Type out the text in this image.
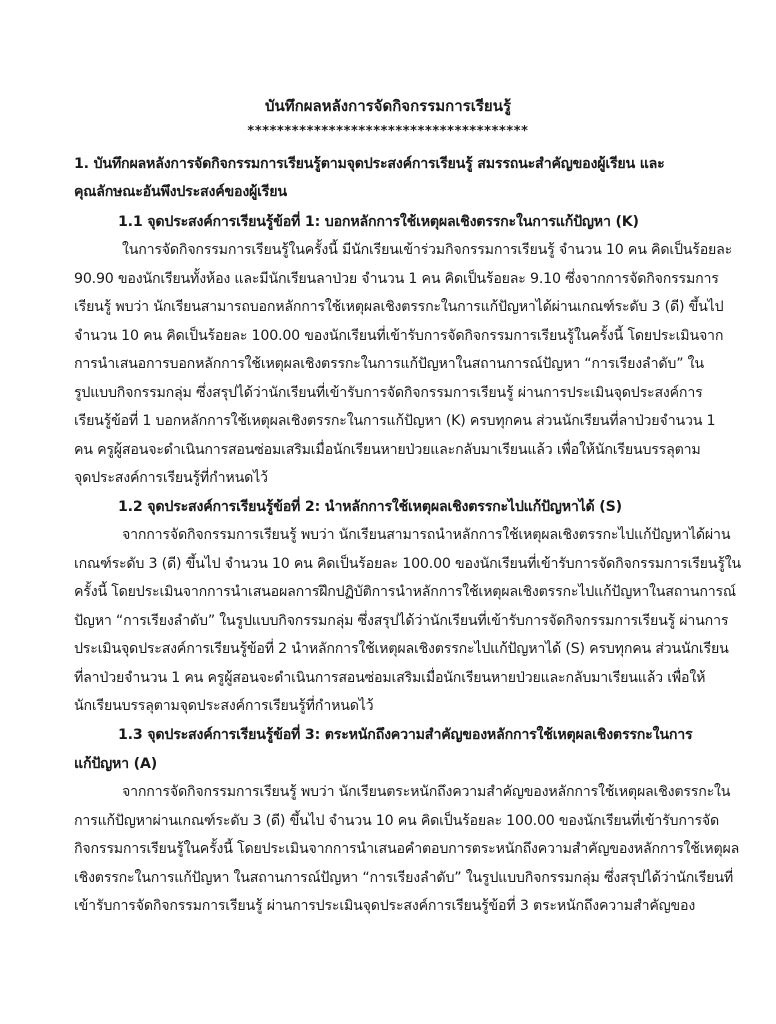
บันทึกผลหลังการจัดกิจกรรมการเรียนรู้
**************************************
1. บันทึกผลหลังการจัดกิจกรรมการเรียนรู้ตามจุดประสงค์การเรียนรู้ สมรรถนะสำคัญของผู้เรียน และ
คุณลักษณะอันพึงประสงค์ของผู้เรียน
1.1 จุดประสงค์การเรียนรู้ข้อที่ 1: บอกหลักการใช้เหตุผลเชิงตรรกะในการแก้ปัญหา (K)
ในการจัดกิจกรรมการเรียนรู้ในครั้งนี้ มีนักเรียนเข้าร่วมกิจกรรมการเรียนรู้ จำนวน 10 คน คิดเป็นร้อยละ
90.90 ของนักเรียนทั้งห้อง และมีนักเรียนลาป่วย จำนวน 1 คน คิดเป็นร้อยละ 9.10 ซึ่งจากการจัดกิจกรรมการ
เรียนรู้ พบว่า นักเรียนสามารถบอกหลักการใช้เหตุผลเชิงตรรกะในการแก้ปัญหาได้ผ่านเกณฑ์ระดับ 3 (ดี) ขึ้นไป
จำนวน 10 คน คิดเป็นร้อยละ 100.00 ของนักเรียนที่เข้ารับการจัดกิจกรรมการเรียนรู้ในครั้งนี้ โดยประเมินจาก
การนำเสนอการบอกหลักการใช้เหตุผลเชิงตรรกะในการแก้ปัญหาในสถานการณ์ปัญหา “การเรียงลำดับ” ใน
รูปแบบกิจกรรมกลุ่ม ซึ่งสรุปได้ว่านักเรียนที่เข้ารับการจัดกิจกรรมการเรียนรู้ ผ่านการประเมินจุดประสงค์การ
เรียนรู้ข้อที่ 1 บอกหลักการใช้เหตุผลเชิงตรรกะในการแก้ปัญหา (K) ครบทุกคน ส่วนนักเรียนที่ลาป่วยจำนวน 1
คน ครูผู้สอนจะดำเนินการสอนซ่อมเสริมเมื่อนักเรียนหายป่วยและกลับมาเรียนแล้ว เพื่อให้นักเรียนบรรลุตาม
จุดประสงค์การเรียนรู้ที่กำหนดไว้
1.2 จุดประสงค์การเรียนรู้ข้อที่ 2: นำหลักการใช้เหตุผลเชิงตรรกะไปแก้ปัญหาได้ (S)
จากการจัดกิจกรรมการเรียนรู้ พบว่า นักเรียนสามารถนำหลักการใช้เหตุผลเชิงตรรกะไปแก้ปัญหาได้ผ่าน
เกณฑ์ระดับ 3 (ดี) ขึ้นไป จำนวน 10 คน คิดเป็นร้อยละ 100.00 ของนักเรียนที่เข้ารับการจัดกิจกรรมการเรียนรู้ใน
ครั้งนี้ โดยประเมินจากการนำเสนอผลการฝึกปฏิบัติการนำหลักการใช้เหตุผลเชิงตรรกะไปแก้ปัญหาในสถานการณ์
ปัญหา “การเรียงลำดับ” ในรูปแบบกิจกรรมกลุ่ม ซึ่งสรุปได้ว่านักเรียนที่เข้ารับการจัดกิจกรรมการเรียนรู้ ผ่านการ
ประเมินจุดประสงค์การเรียนรู้ข้อที่ 2 นำหลักการใช้เหตุผลเชิงตรรกะไปแก้ปัญหาได้ (S) ครบทุกคน ส่วนนักเรียน
ที่ลาป่วยจำนวน 1 คน ครูผู้สอนจะดำเนินการสอนซ่อมเสริมเมื่อนักเรียนหายป่วยและกลับมาเรียนแล้ว เพื่อให้
นักเรียนบรรลุตามจุดประสงค์การเรียนรู้ที่กำหนดไว้
1.3 จุดประสงค์การเรียนรู้ข้อที่ 3: ตระหนักถึงความสำคัญของหลักการใช้เหตุผลเชิงตรรกะในการ
แก้ปัญหา (A)
จากการจัดกิจกรรมการเรียนรู้ พบว่า นักเรียนตระหนักถึงความสำคัญของหลักการใช้เหตุผลเชิงตรรกะใน
การแก้ปัญหาผ่านเกณฑ์ระดับ 3 (ดี) ขึ้นไป จำนวน 10 คน คิดเป็นร้อยละ 100.00 ของนักเรียนที่เข้ารับการจัด
กิจกรรมการเรียนรู้ในครั้งนี้ โดยประเมินจากการนำเสนอคำตอบการตระหนักถึงความสำคัญของหลักการใช้เหตุผล
เชิงตรรกะในการแก้ปัญหา ในสถานการณ์ปัญหา “การเรียงลำดับ” ในรูปแบบกิจกรรมกลุ่ม ซึ่งสรุปได้ว่านักเรียนที่
เข้ารับการจัดกิจกรรมการเรียนรู้ ผ่านการประเมินจุดประสงค์การเรียนรู้ข้อที่ 3 ตระหนักถึงความสำคัญของ
